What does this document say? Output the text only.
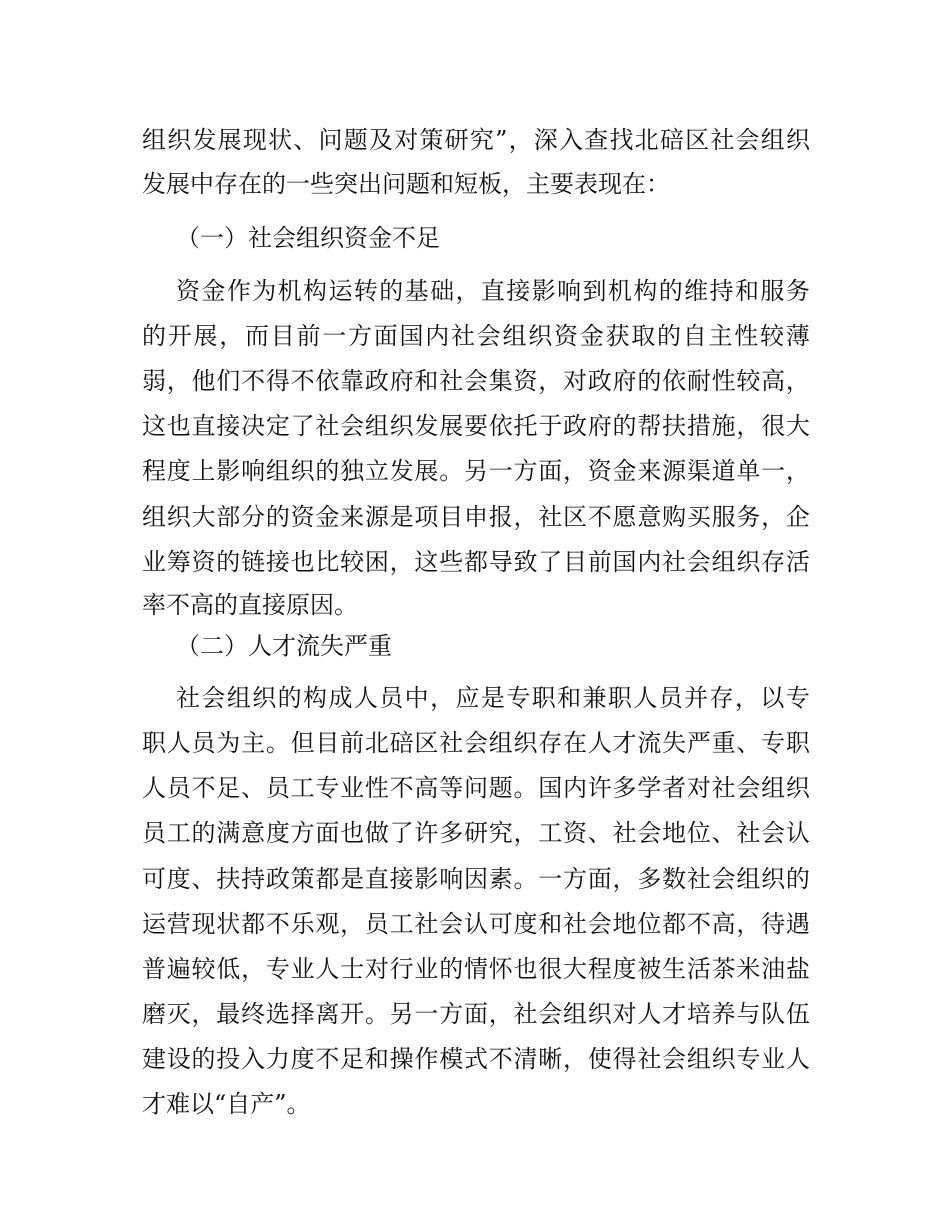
组 织 发 展 现 状 、 问 题 及 对 策 研 究 ” ， 深 入 查 找 北 碚 区 社 会 组 织
发展中存在的一些突出问题和短板，主要表现在：
（一）社会组织资金不足
资 金 作 为 机 构 运 转 的 基 础 ， 直 接 影 响 到 机 构 的 维 持 和 服 务
的 开 展 ， 而 目 前 一 方 面 国 内 社 会 组 织 资 金 获 取 的 自 主 性 较 薄
弱 ， 他 们 不 得 不 依 靠 政 府 和 社 会 集 资 ， 对 政 府 的 依 耐 性 较 高 ，
这 也 直 接 决 定 了 社 会 组 织 发 展 要 依 托 于 政 府 的 帮 扶 措 施 ， 很 大
程 度 上 影 响 组 织 的 独 立 发 展 。 另 一 方 面 ， 资 金 来 源 渠 道 单 一 ，
组 织 大 部 分 的 资 金 来 源 是 项 目 申 报 ， 社 区 不 愿 意 购 买 服 务 ， 企
业 筹 资 的 链 接 也 比 较 困 ， 这 些 都 导 致 了 目 前 国 内 社 会 组 织 存 活
率不高的直接原因。
（二）人才流失严重
社 会 组 织 的 构 成 人 员 中 ， 应 是 专 职 和 兼 职 人 员 并 存 ， 以 专
职 人 员 为 主 。 但 目 前 北 碚 区 社 会 组 织 存 在 人 才 流 失 严 重 、 专 职
人 员 不 足 、 员 工 专 业 性 不 高 等 问 题 。 国 内 许 多 学 者 对 社 会 组 织
员 工 的 满 意 度 方 面 也 做 了 许 多 研 究 ， 工 资 、 社 会 地 位 、 社 会 认
可 度 、 扶 持 政 策 都 是 直 接 影 响 因 素 。 一 方 面 ， 多 数 社 会 组 织 的
运 营 现 状 都 不 乐 观 ， 员 工 社 会 认 可 度 和 社 会 地 位 都 不 高 ， 待 遇
普 遍 较 低 ， 专 业 人 士 对 行 业 的 情 怀 也 很 大 程 度 被 生 活 茶 米 油 盐
磨 灭 ， 最 终 选 择 离 开 。 另 一 方 面 ， 社 会 组 织 对 人 才 培 养 与 队 伍
建 设 的 投 入 力 度 不 足 和 操 作 模 式 不 清 晰 ， 使 得 社 会 组 织 专 业 人
才难以“自产”。
